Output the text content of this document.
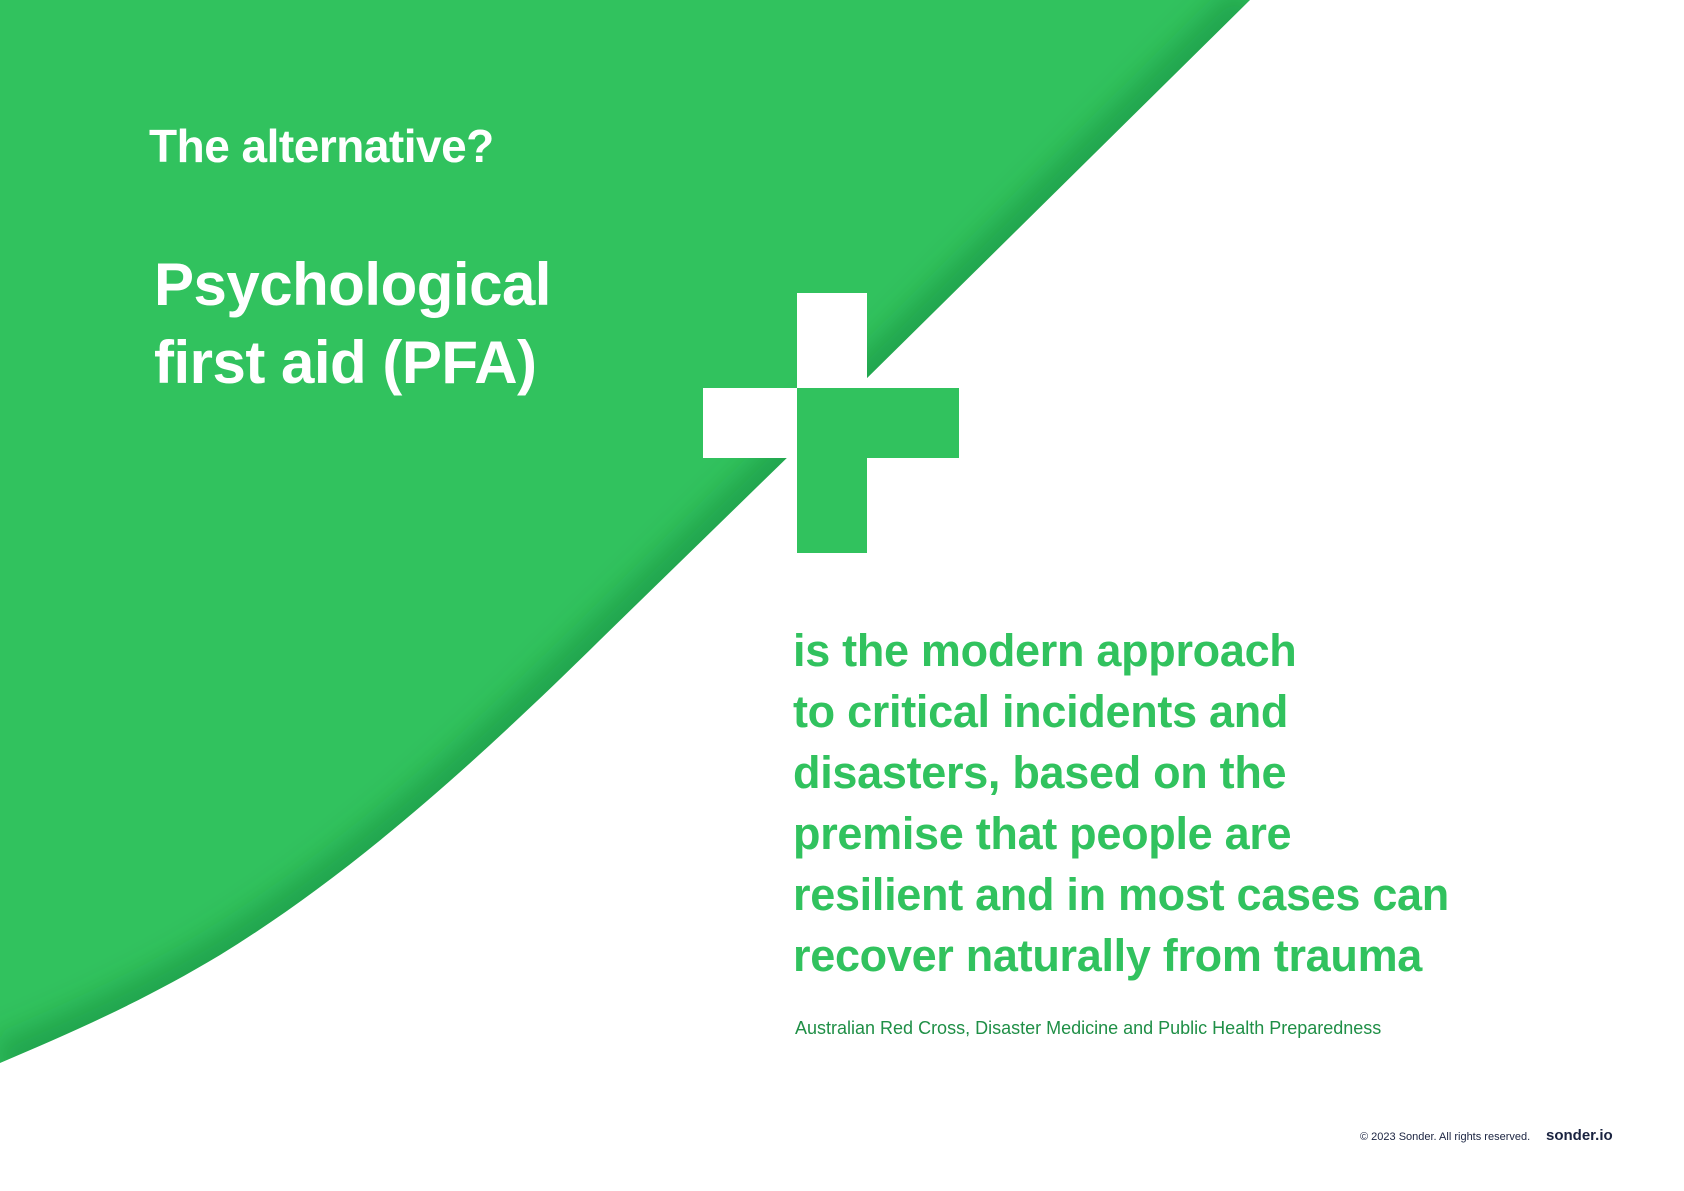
The alternative?

Psychological
first aid (PFA)

is the modern approach
to critical incidents and
disasters, based on the
premise that people are
resilient and in most cases can
recover naturally from trauma

Australian Red Cross, Disaster Medicine and Public Health Preparedness

© 2023 Sonder. All rights reserved. sonder.io
